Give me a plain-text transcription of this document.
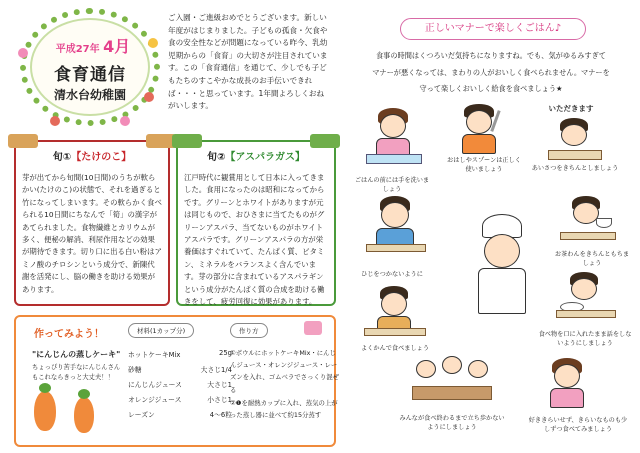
平成27年 4月
食育通信
清水台幼稚園
ご入園・ご進級おめでとうございます。新しい年度がはじまりました。子どもの孤食・欠食や食の安全性などが問題になっている昨今、乳幼児期からの「食育」の大切さが注目されています。この「食育通信」を通じて、少しでも子どもたちのすこやかな成長のお手伝いできれば・・・と思っています。1年間よろしくおねがいします。
旬①【たけのこ】
芽が出てから旬間(10日間)のうちが軟らかい(たけのこ)の状態で、それを過ぎると竹になってしまいます。その軟らかく食べられる10日間にちなんで「筍」の漢字があてられました。食物繊維とカリウムが多く、便秘の解消、利尿作用などの効果が期待できます。切り口に出る白い粉はアミノ酸のチロシンという成分で、新陳代謝を活発にし、脳の働きを助ける効果があります。
旬②【アスパラガス】
江戸時代に観賞用として日本に入ってきました。食用になったのは昭和になってからです。グリーンとホワイトがありますが元は同じもので、おひさまに当てたものがグリーンアスパラ、当てないものがホワイトアスパラです。グリーンアスパラの方が栄養価はすぐれていて、たんぱく質、ビタミン、ミネラルをバランスよく含んでいます。芽の部分に含まれているアスパラギンという成分がたんぱく質の合成を助ける働きをして、疲労回復に効果があります。
作ってみよう！	材料(1カップ分)	作り方
"にんじんの蒸しケーキ"
ちょっぴり苦手なにんじんさんもこれならきっと大丈夫！！
ホットケーキMix	25g
砂糖	大さじ1/4
にんじんジュース	大さじ1
オレンジジュース	小さじ1
レーズン	4〜6粒
①ボウルにホットケーキMix・にんじんジュース・オレンジジュース・レーズンを入れ、ゴムベラでさっくり混ぜる
②❶を耐熱カップに入れ、蒸気の上がった蒸し器に並べて約15分蒸す
正しいマナーで楽しくごはん♪
食事の時間はくつろいだ気持ちになりますね。でも、気がゆるみすぎて
マナーが悪くなっては、まわりの人がおいしく食べられません。マナーを
守って楽しくおいしく給食を食べましょう★
ごはんの前には手を洗いましょう
おはしやスプーンは正しく使いましょう
いただきます
あいさつをきちんとしましょう
ひじをつかないように
お茶わんをきちんともちましょう
よくかんで食べましょう
食べ物を口に入れたまま話をしないようにしましょう
みんなが食べ終わるまで立ち歩かないようにしましょう
好ききらいせず、きらいなものも少しずつ食べてみましょう
